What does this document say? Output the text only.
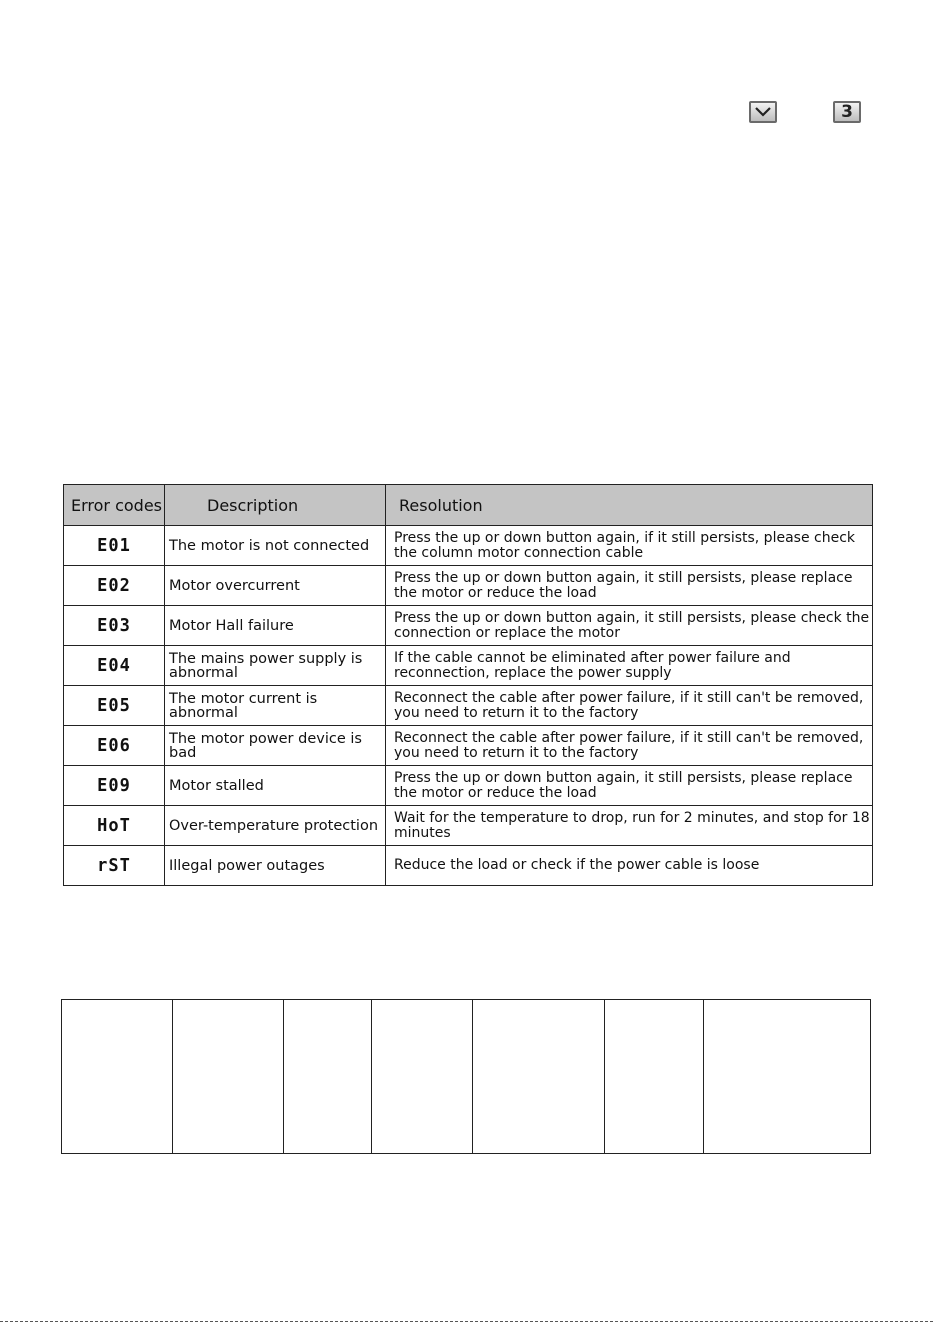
3
Error codes	Description	Resolution
E01	The motor is not connected	Press the up or down button again, if it still persists, please check the column motor connection cable
E02	Motor overcurrent	Press the up or down button again, it still persists, please replace the motor or reduce the load
E03	Motor Hall failure	Press the up or down button again, it still persists, please check the connection or replace the motor
E04	The mains power supply is abnormal	If the cable cannot be eliminated after power failure and reconnection, replace the power supply
E05	The motor current is abnormal	Reconnect the cable after power failure, if it still can't be removed, you need to return it to the factory
E06	The motor power device is bad	Reconnect the cable after power failure, if it still can't be removed, you need to return it to the factory
E09	Motor stalled	Press the up or down button again, it still persists, please replace the motor or reduce the load
HoT	Over-temperature protection	Wait for the temperature to drop, run for 2 minutes, and stop for 18 minutes
rST	Illegal power outages	Reduce the load or check if the power cable is loose
